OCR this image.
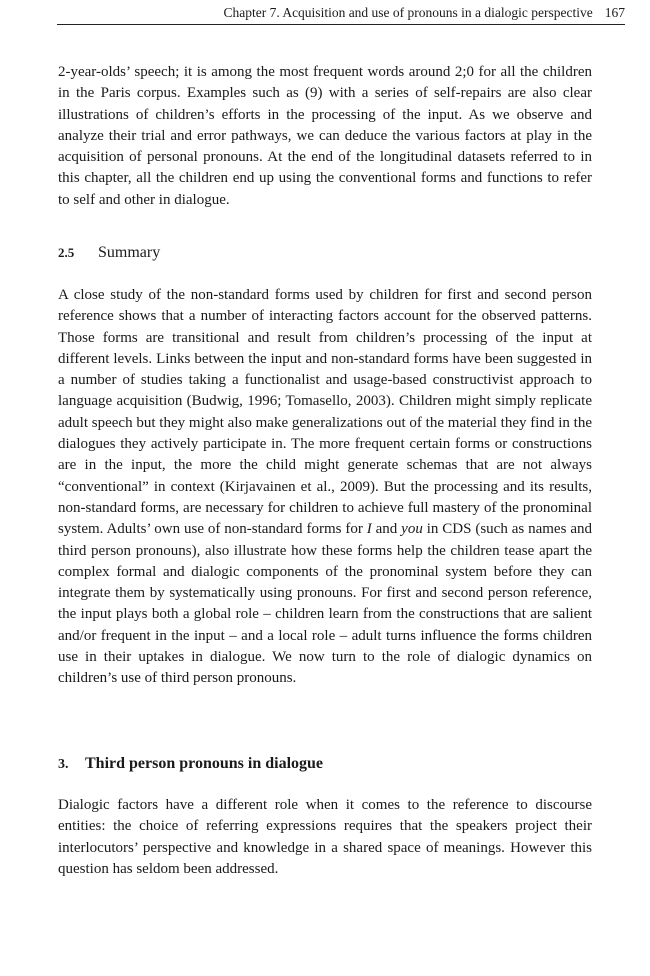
Chapter 7. Acquisition and use of pronouns in a dialogic perspective 167

2-year-olds’ speech; it is among the most frequent words around 2;0 for all the children in the Paris corpus. Examples such as (9) with a series of self-repairs are also clear illustrations of children’s efforts in the processing of the input. As we observe and analyze their trial and error pathways, we can deduce the various factors at play in the acquisition of personal pronouns. At the end of the longitudinal datasets referred to in this chapter, all the children end up using the conventional forms and functions to refer to self and other in dialogue.

2.5 Summary

A close study of the non-standard forms used by children for first and second person reference shows that a number of interacting factors account for the observed patterns. Those forms are transitional and result from children’s processing of the input at different levels. Links between the input and non-standard forms have been suggested in a number of studies taking a functionalist and usage-based constructivist approach to language acquisition (Budwig, 1996; Tomasello, 2003). Children might simply replicate adult speech but they might also make generalizations out of the material they find in the dialogues they actively participate in. The more frequent certain forms or constructions are in the input, the more the child might generate schemas that are not always “conventional” in context (Kirjavainen et al., 2009). But the processing and its results, non-standard forms, are necessary for children to achieve full mastery of the pronominal system. Adults’ own use of non-standard forms for I and you in CDS (such as names and third person pronouns), also illustrate how these forms help the children tease apart the complex formal and dialogic components of the pronominal system before they can integrate them by systematically using pronouns. For first and second person reference, the input plays both a global role – children learn from the constructions that are salient and/or frequent in the input – and a local role – adult turns influence the forms children use in their uptakes in dialogue. We now turn to the role of dialogic dynamics on children’s use of third person pronouns.

3. Third person pronouns in dialogue

Dialogic factors have a different role when it comes to the reference to discourse entities: the choice of referring expressions requires that the speakers project their interlocutors’ perspective and knowledge in a shared space of meanings. However this question has seldom been addressed.
